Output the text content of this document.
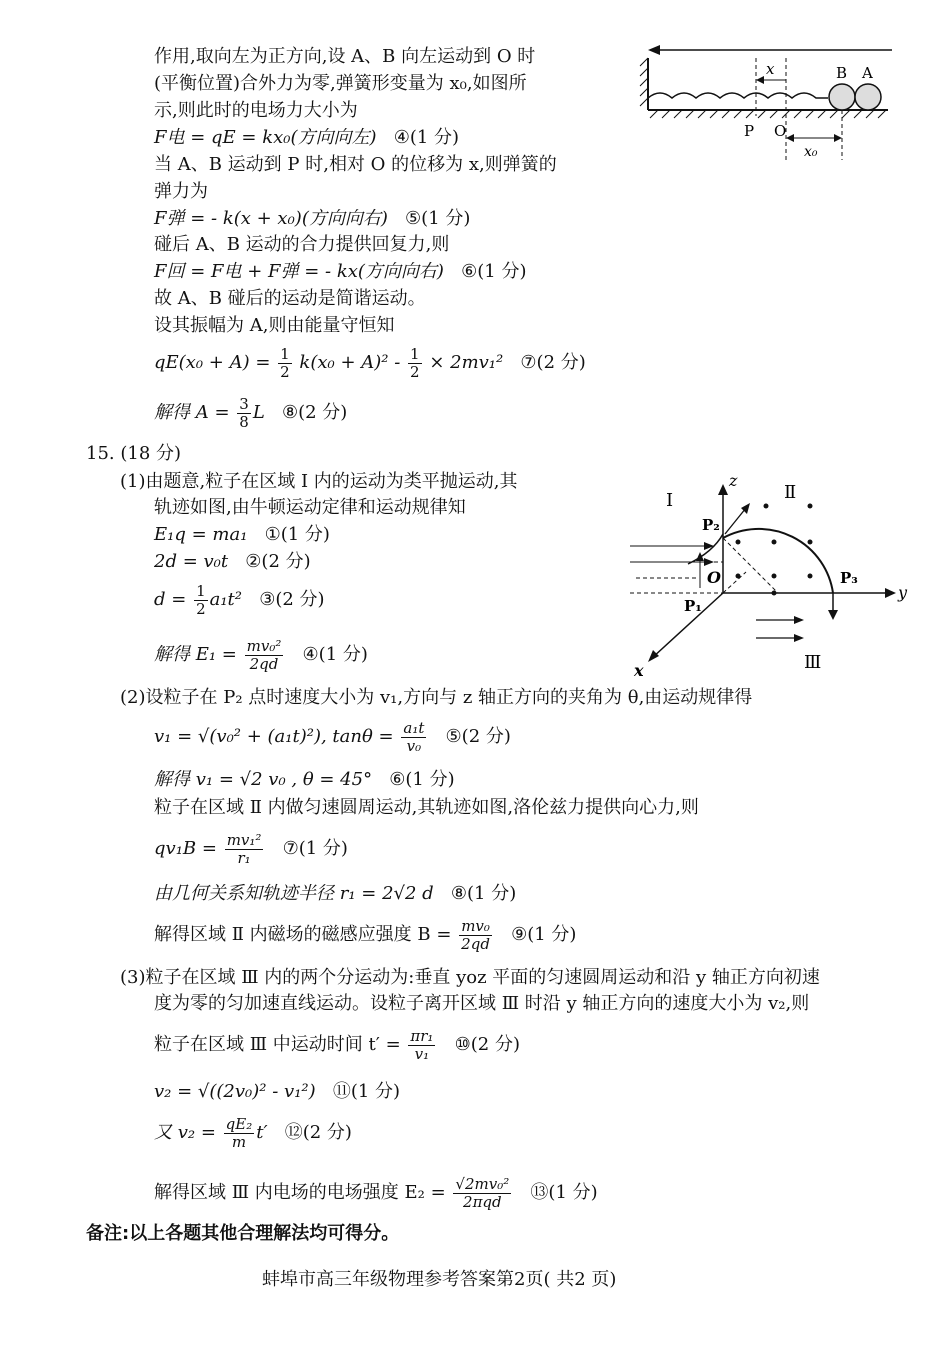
作用,取向左为正方向,设 A、B 向左运动到 O 时
(平衡位置)合外力为零,弹簧形变量为 x₀,如图所
示,则此时的电场力大小为
F电 = qE = kx₀(方向向左) ④(1 分)
当 A、B 运动到 P 时,相对 O 的位移为 x,则弹簧的
弹力为
F弹 = - k(x + x₀)(方向向右) ⑤(1 分)
碰后 A、B 运动的合力提供回复力,则
F回 = F电 + F弹 = - kx(方向向右) ⑥(1 分)
故 A、B 碰后的运动是简谐运动。
设其振幅为 A,则由能量守恒知
$qE(x_0 + A) = \frac{1}{2} k(x_0 + A)^2 - \frac{1}{2} \times 2mv_1^2$ ⑦(2 分)
解得 $A = \frac{3}{8}$ L ⑧(2 分)
B A
x
P O
x₀
15. (18 分)
(1)由题意,粒子在区域 Ⅰ 内的运动为类平抛运动,其
轨迹如图,由牛顿运动定律和运动规律知
E₁q = ma₁ ①(1 分)
2d = v₀t ②(2 分)
$d = \frac{1}{2} a_1t^2$ ③(2 分)
解得 $E_1 = \frac{\text{mv₀²}}{2qd}$ ④(1 分)
z
y
x
O
P₁
P₂
P₃
Ⅰ	Ⅱ
Ⅲ
(2)设粒子在 P₂ 点时速度大小为 v₁,方向与 z 轴正方向的夹角为 θ,由运动规律得
v₁ = √(v₀² + (a₁t)²), $\tan\theta = \frac{\text{a₁t}}{\text{v₀}}$ ⑤(2 分)
解得 v₁ = √2 v₀ , θ = 45° ⑥(1 分)
粒子在区域 Ⅱ 内做匀速圆周运动,其轨迹如图,洛伦兹力提供向心力,则
$qv_1B = \frac{\text{mv₁²}}{\text{r₁}}$ ⑦(1 分)
由几何关系知轨迹半径 r₁ = 2√2 d ⑧(1 分)
解得区域 Ⅱ 内磁场的磁感应强度 $B = \frac{\text{mv₀}}{2qd}$ ⑨(1 分)
(3)粒子在区域 Ⅲ 内的两个分运动为:垂直 yoz 平面的匀速圆周运动和沿 y 轴正方向初速
度为零的匀加速直线运动。设粒子离开区域 Ⅲ 时沿 y 轴正方向的速度大小为 v₂,则
粒子在区域 Ⅲ 中运动时间 $t' = \frac{\text{πr₁}}{\text{v₁}}$ ⑩(2 分)
v₂ = √((2v₀)² - v₁²) ⑪(1 分)
又 $v_2 = \frac{\text{qE₂}}{m} t'$ ⑫(2 分)
解得区域 Ⅲ 内电场的电场强度 $E_2 = \frac{\text{√2mv₀²}}{\text{2πqd}}$ ⑬(1 分)
备注:以上各题其他合理解法均可得分。
蚌埠市高三年级物理参考答案第2页( 共2 页)
